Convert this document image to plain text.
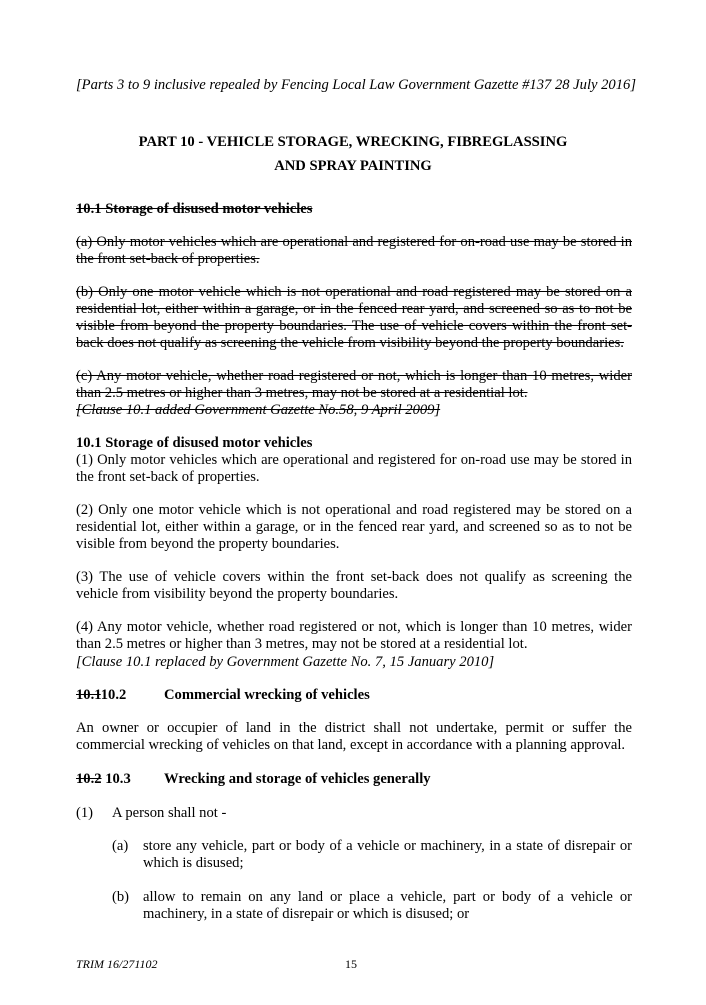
[Parts 3 to 9 inclusive repealed by Fencing Local Law Government Gazette #137 28 July 2016]
PART 10 - VEHICLE STORAGE, WRECKING, FIBREGLASSING
AND SPRAY PAINTING
10.1 Storage of disused motor vehicles
(a) Only motor vehicles which are operational and registered for on-road use may be stored in the front set-back of properties.
(b) Only one motor vehicle which is not operational and road registered may be stored on a residential lot, either within a garage, or in the fenced rear yard, and screened so as to not be visible from beyond the property boundaries. The use of vehicle covers within the front set-back does not qualify as screening the vehicle from visibility beyond the property boundaries.
(c) Any motor vehicle, whether road registered or not, which is longer than 10 metres, wider than 2.5 metres or higher than 3 metres, may not be stored at a residential lot.
[Clause 10.1 added Government Gazette No.58, 9 April 2009]
10.1 Storage of disused motor vehicles
(1) Only motor vehicles which are operational and registered for on-road use may be stored in the front set-back of properties.
(2) Only one motor vehicle which is not operational and road registered may be stored on a residential lot, either within a garage, or in the fenced rear yard, and screened so as to not be visible from beyond the property boundaries.
(3) The use of vehicle covers within the front set-back does not qualify as screening the vehicle from visibility beyond the property boundaries.
(4) Any motor vehicle, whether road registered or not, which is longer than 10 metres, wider than 2.5 metres or higher than 3 metres, may not be stored at a residential lot.
[Clause 10.1 replaced by Government Gazette No. 7, 15 January 2010]
10.110.2	Commercial wrecking of vehicles
An owner or occupier of land in the district shall not undertake, permit or suffer the commercial wrecking of vehicles on that land, except in accordance with a planning approval.
10.2 10.3 Wrecking and storage of vehicles generally
(1) A person shall not -
(a) store any vehicle, part or body of a vehicle or machinery, in a state of disrepair or which is disused;
(b) allow to remain on any land or place a vehicle, part or body of a vehicle or machinery, in a state of disrepair or which is disused; or
TRIM 16/271102	15
